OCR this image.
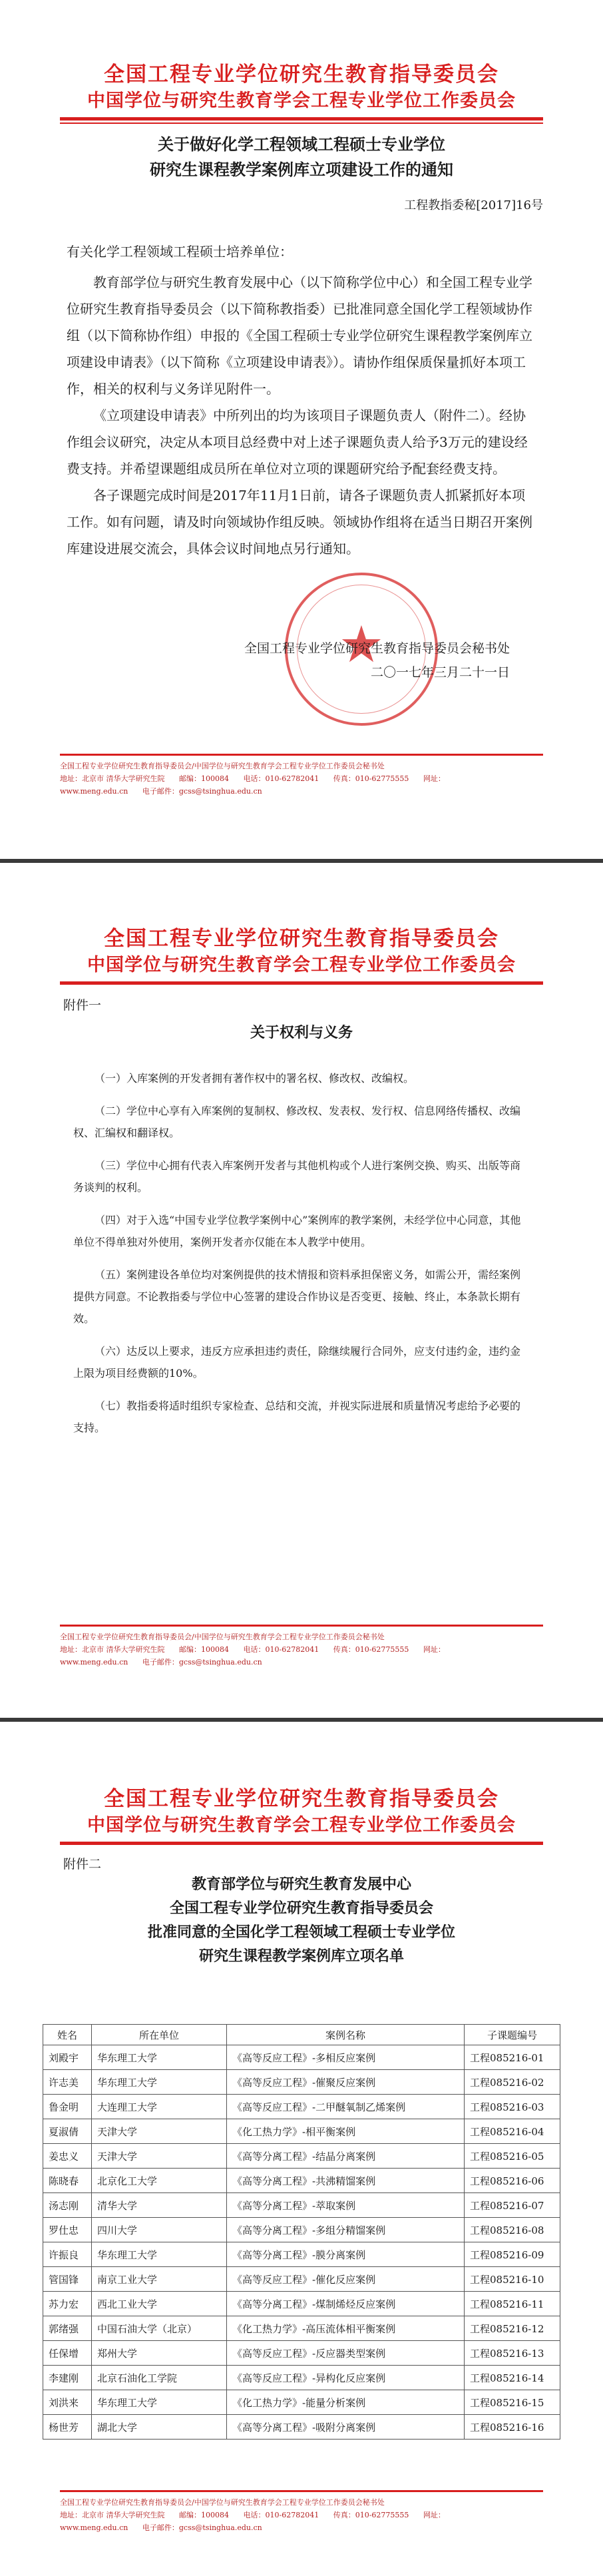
全国工程专业学位研究生教育指导委员会
中国学位与研究生教育学会工程专业学位工作委员会
关于做好化学工程领域工程硕士专业学位
研究生课程教学案例库立项建设工作的通知
工程教指委秘[2017]16号

有关化学工程领域工程硕士培养单位：

教育部学位与研究生教育发展中心（以下简称学位中心）和全国工程专业学位研究生教育指导委员会（以下简称教指委）已批准同意全国化学工程领域协作组（以下简称协作组）申报的《全国工程硕士专业学位研究生课程教学案例库立项建设申请表》（以下简称《立项建设申请表》）。请协作组保质保量抓好本项工作，相关的权利与义务详见附件一。

《立项建设申请表》中所列出的均为该项目子课题负责人（附件二）。经协作组会议研究，决定从本项目总经费中对上述子课题负责人给予3万元的建设经费支持。并希望课题组成员所在单位对立项的课题研究给予配套经费支持。

各子课题完成时间是2017年11月1日前，请各子课题负责人抓紧抓好本项工作。如有问题，请及时向领域协作组反映。领域协作组将在适当日期召开案例库建设进展交流会，具体会议时间地点另行通知。

★
全国工程专业学位研究生教育指导委员会秘书处
二〇一七年三月二十一日
全国工程专业学位研究生教育指导委员会/中国学位与研究生教育学会工程专业学位工作委员会秘书处
地址：北京市 清华大学研究生院 邮编：100084 电话：010-62782041 传真：010-62775555 网址：
www.meng.edu.cn 电子邮件：gcss@tsinghua.edu.cn
全国工程专业学位研究生教育指导委员会
中国学位与研究生教育学会工程专业学位工作委员会
附件一
关于权利与义务

（一）入库案例的开发者拥有著作权中的署名权、修改权、改编权。

（二）学位中心享有入库案例的复制权、修改权、发表权、发行权、信息网络传播权、改编权、汇编权和翻译权。

（三）学位中心拥有代表入库案例开发者与其他机构或个人进行案例交换、购买、出版等商务谈判的权利。

（四）对于入选“中国专业学位教学案例中心”案例库的教学案例，未经学位中心同意，其他单位不得单独对外使用，案例开发者亦仅能在本人教学中使用。

（五）案例建设各单位均对案例提供的技术情报和资料承担保密义务，如需公开，需经案例提供方同意。不论教指委与学位中心签署的建设合作协议是否变更、接触、终止，本条款长期有效。

（六）达反以上要求，违反方应承担违约责任，除继续履行合同外，应支付违约金，违约金上限为项目经费额的10%。

（七）教指委将适时组织专家检查、总结和交流，并视实际进展和质量情况考虑给予必要的支持。

全国工程专业学位研究生教育指导委员会/中国学位与研究生教育学会工程专业学位工作委员会秘书处
地址：北京市 清华大学研究生院 邮编：100084 电话：010-62782041 传真：010-62775555 网址：
www.meng.edu.cn 电子邮件：gcss@tsinghua.edu.cn
全国工程专业学位研究生教育指导委员会
中国学位与研究生教育学会工程专业学位工作委员会
附件二
教育部学位与研究生教育发展中心
全国工程专业学位研究生教育指导委员会
批准同意的全国化学工程领域工程硕士专业学位
研究生课程教学案例库立项名单
姓名	所在单位	案例名称	子课题编号
刘殿宇	华东理工大学	《高等反应工程》-多相反应案例	工程085216-01
许志美	华东理工大学	《高等反应工程》-催聚反应案例	工程085216-02
鲁金明	大连理工大学	《高等反应工程》-二甲醚氧制乙烯案例	工程085216-03
夏淑倩	天津大学	《化工热力学》-相平衡案例	工程085216-04
姜忠义	天津大学	《高等分离工程》-结晶分离案例	工程085216-05
陈晓春	北京化工大学	《高等分离工程》-共沸精馏案例	工程085216-06
汤志刚	清华大学	《高等分离工程》-萃取案例	工程085216-07
罗仕忠	四川大学	《高等分离工程》-多组分精馏案例	工程085216-08
许振良	华东理工大学	《高等分离工程》-膜分离案例	工程085216-09
管国锋	南京工业大学	《高等反应工程》-催化反应案例	工程085216-10
苏力宏	西北工业大学	《高等分离工程》-煤制烯烃反应案例	工程085216-11
郭绪强	中国石油大学（北京）	《化工热力学》-高压流体相平衡案例	工程085216-12
任保增	郑州大学	《高等反应工程》-反应器类型案例	工程085216-13
李建刚	北京石油化工学院	《高等反应工程》-异构化反应案例	工程085216-14
刘洪来	华东理工大学	《化工热力学》-能量分析案例	工程085216-15
杨世芳	湖北大学	《高等分离工程》-吸附分离案例	工程085216-16
全国工程专业学位研究生教育指导委员会/中国学位与研究生教育学会工程专业学位工作委员会秘书处
地址：北京市 清华大学研究生院 邮编：100084 电话：010-62782041 传真：010-62775555 网址：
www.meng.edu.cn 电子邮件：gcss@tsinghua.edu.cn
